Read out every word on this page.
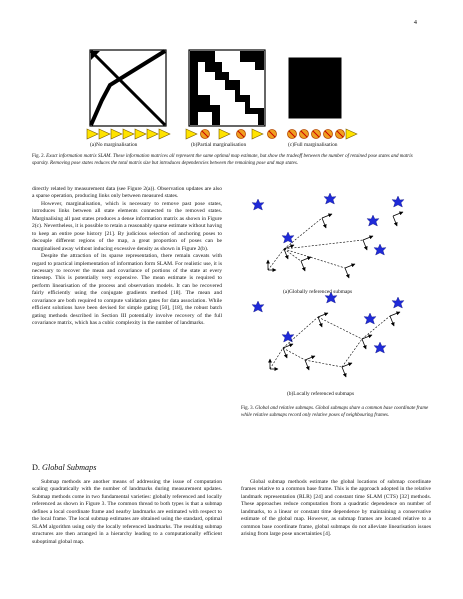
4
(a)No marginalisation	(b)Partial marginalisation	(c)Full marginalisation
Fig. 2. Exact information matrix SLAM. These information matrices all represent the same optimal map estimate, but show the tradeoff between the number of retained pose states and matrix sparsity. Removing pose states reduces the total matrix size but introduces dependencies between the remaining pose and map states.

directly related by measurement data (see Figure 2(a)). Observation updates are also a sparse operation, producing links only between measured states.

However, marginalisation, which is necessary to remove past pose states, introduces links between all state elements connected to the removed states. Marginalising all past states produces a dense information matrix as shown in Figure 2(c). Nevertheless, it is possible to retain a reasonably sparse estimate without having to keep an entire pose history [21]. By judicious selection of anchoring poses to decouple different regions of the map, a great proportion of poses can be marginalised away without inducing excessive density as shown in Figure 2(b).

Despite the attraction of its sparse representation, there remain caveats with regard to practical implementation of information form SLAM. For realistic use, it is necessary to recover the mean and covariance of portions of the state at every timestep. This is potentially very expensive. The mean estimate is required to perform linearisation of the process and observation models. It can be recovered fairly efficiently using the conjugate gradients method [18]. The mean and covariance are both required to compute validation gates for data association. While efficient solutions have been devised for simple gating [50], [18], the robust batch gating methods described in Section III potentially involve recovery of the full covariance matrix, which has a cubic complexity in the number of landmarks.

D. Global Submaps

Submap methods are another means of addressing the issue of computation scaling quadratically with the number of landmarks during measurement updates. Submap methods come in two fundamental varieties: globally referenced and locally referenced as shown in Figure 3. The common thread to both types is that a submap defines a local coordinate frame and nearby landmarks are estimated with respect to the local frame. The local submap estimates are obtained using the standard, optimal SLAM algorithm using only the locally referenced landmarks. The resulting submap structures are then arranged in a hierarchy leading to a computationally efficient suboptimal global map.

(a)Globally referenced submaps
(b)Locally referenced submaps
Fig. 3. Global and relative submaps. Global submaps share a common base coordinate frame while relative submaps record only relative poses of neighbouring frames.

Global submap methods estimate the global locations of submap coordinate frames relative to a common base frame. This is the approach adopted in the relative landmark representation (RLR) [24] and constant time SLAM (CTS) [32] methods. These approaches reduce computation from a quadratic dependence on number of landmarks, to a linear or constant time dependence by maintaining a conservative estimate of the global map. However, as submap frames are located relative to a common base coordinate frame, global submaps do not alleviate linearisation issues arising from large pose uncertainties [4].
